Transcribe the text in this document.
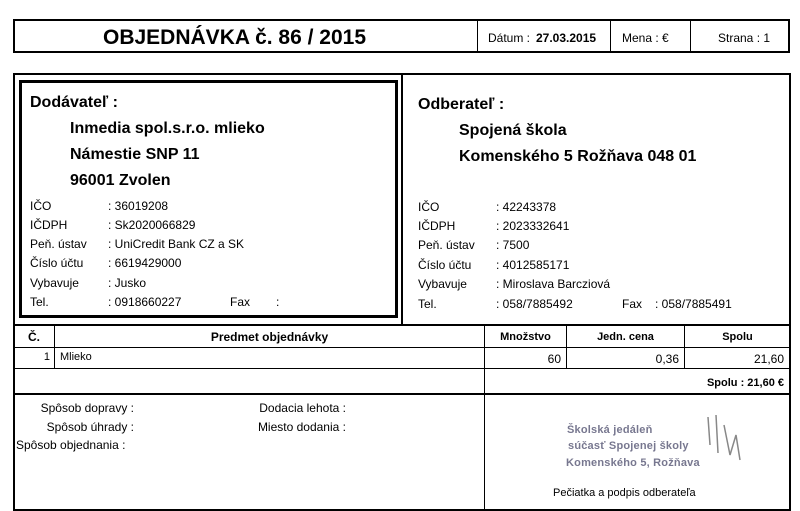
OBJEDNÁVKA č. 86 / 2015	Dátum : 27.03.2015 Mena : €	Strana : 1
Dodávateľ :
Inmedia spol.s.r.o. mlieko
Námestie SNP 11
96001 Zvolen
IČO	: 36019208
IČDPH	: Sk2020066829
Peň. ústav : UniCredit Bank CZ a SK
Číslo účtu : 6619429000
Vybavuje : Jusko
Tel.	: 0918660227	Fax :
Odberateľ :
Spojená škola
Komenského 5 Rožňava 048 01
IČO	: 42243378
IČDPH	: 2023332641
Peň. ústav : 7500
Číslo účtu : 4012585171
Vybavuje : Miroslava Barcziová
Tel.	: 058/7885492	Fax : 058/7885491
Č.	Predmet objednávky	Množstvo	Jedn. cena	Spolu
1 Mlieko	60	0,36	21,60
Spolu : 21,60 €
Spôsob dopravy :
Spôsob úhrady :
Spôsob objednania :
Dodacia lehota :
Miesto dodania :	Školská jedáleň
súčasť Spojenej školy
Komenského 5, Rožňava
Pečiatka a podpis odberateľa
